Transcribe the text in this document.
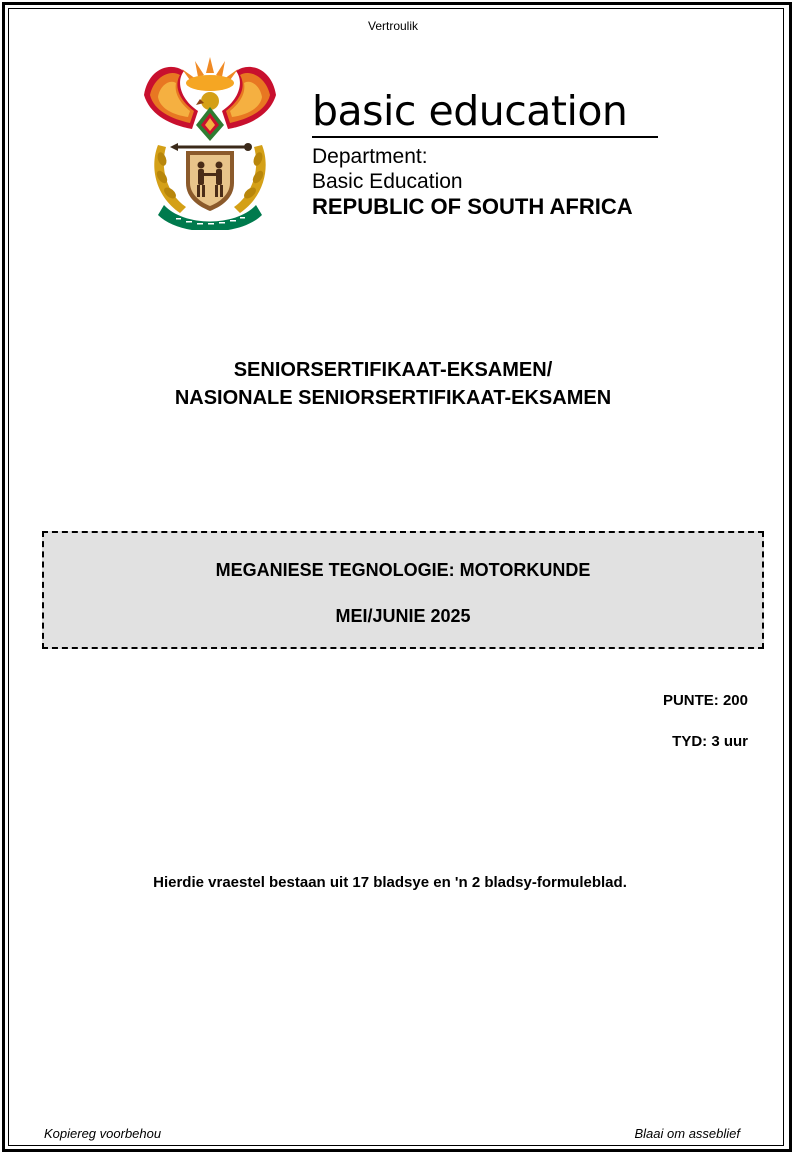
Vertroulik
basic education
Department:
Basic Education
REPUBLIC OF SOUTH AFRICA
SENIORSERTIFIKAAT-EKSAMEN/
NASIONALE SENIORSERTIFIKAAT-EKSAMEN
MEGANIESE TEGNOLOGIE: MOTORKUNDE
MEI/JUNIE 2025
PUNTE: 200
TYD: 3 uur
Hierdie vraestel bestaan uit 17 bladsye en 'n 2 bladsy-formuleblad.
Kopiereg voorbehou	Blaai om asseblief
